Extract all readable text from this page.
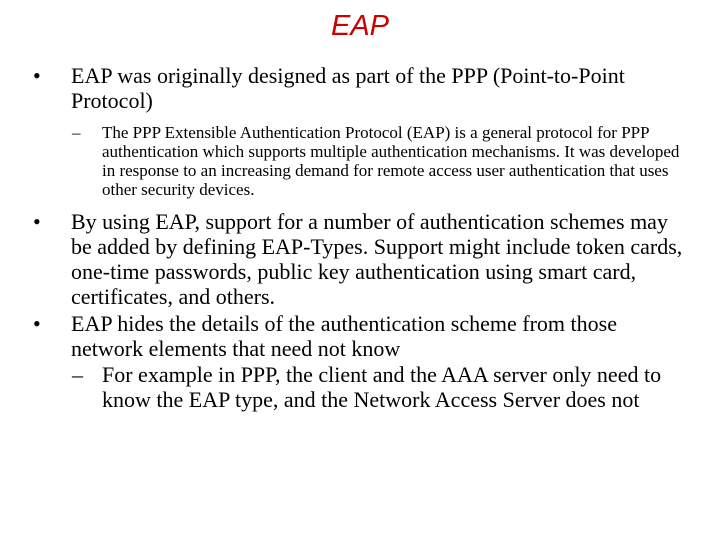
EAP
• EAP was originally designed as part of the PPP (Point-to-Point Protocol)
– The PPP Extensible Authentication Protocol (EAP) is a general protocol for PPP authentication which supports multiple authentication mechanisms. It was developed in response to an increasing demand for remote access user authentication that uses other security devices.
• By using EAP, support for a number of authentication schemes may be added by defining EAP-Types. Support might include token cards, one-time passwords, public key authentication using smart card, certificates, and others.
• EAP hides the details of the authentication scheme from those network elements that need not know
– For example in PPP, the client and the AAA server only need to know the EAP type, and the Network Access Server does not
